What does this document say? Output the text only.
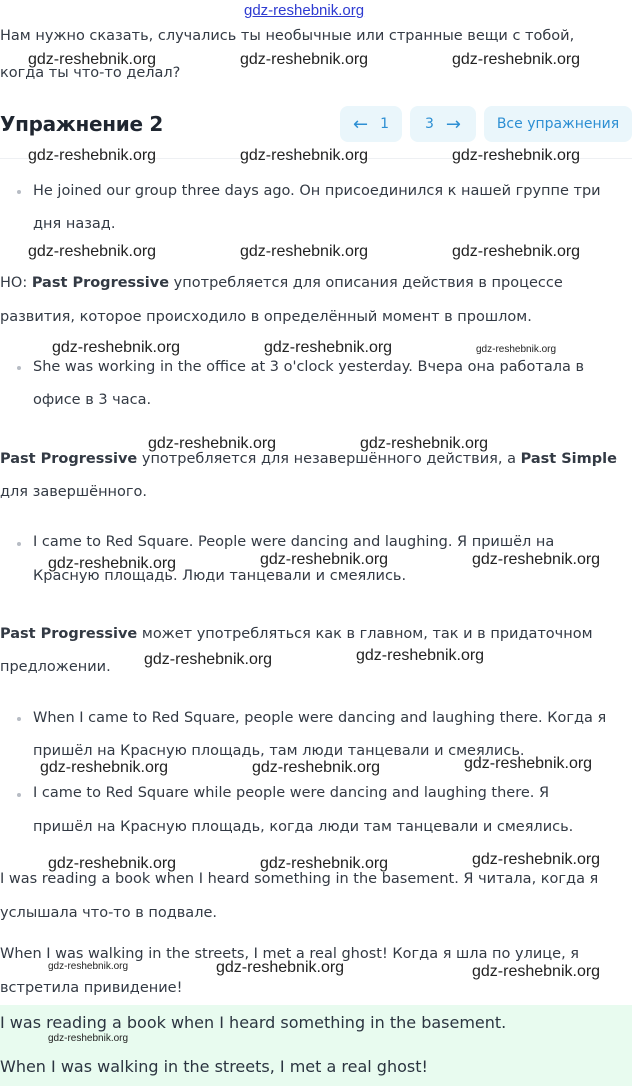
gdz-reshebnik.org
Нам нужно сказать, случались ты необычные или странные вещи с тобой,
когда ты что-то делал?
Упражнение 2	← 1	3 →	Все упражнения
He joined our group three days ago. Он присоединился к нашей группе три
дня назад.
НО: Past Progressive употребляется для описания действия в процессе
развития, которое происходило в определённый момент в прошлом.
She was working in the office at 3 o'clock yesterday. Вчера она работала в
офисе в 3 часа.
Past Progressive употребляется для незавершённого действия, а Past Simple
для завершённого.
I came to Red Square. People were dancing and laughing. Я пришёл на
Красную площадь. Люди танцевали и смеялись.
Past Progressive может употребляться как в главном, так и в придаточном
предложении.
When I came to Red Square, people were dancing and laughing there. Когда я
пришёл на Красную площадь, там люди танцевали и смеялись.
I came to Red Square while people were dancing and laughing there. Я
пришёл на Красную площадь, когда люди там танцевали и смеялись.
I was reading a book when I heard something in the basement. Я читала, когда я
услышала что-то в подвале.
When I was walking in the streets, I met a real ghost! Когда я шла по улице, я
встретила привидение!
I was reading a book when I heard something in the basement.
When I was walking in the streets, I met a real ghost!
gdz-reshebnik.org	gdz-reshebnik.org	gdz-reshebnik.org
gdz-reshebnik.org	gdz-reshebnik.org	gdz-reshebnik.org
gdz-reshebnik.org	gdz-reshebnik.org	gdz-reshebnik.org
gdz-reshebnik.org	gdz-reshebnik.org	gdz-reshebnik.org
gdz-reshebnik.org	gdz-reshebnik.org
gdz-reshebnik.org	gdz-reshebnik.org	gdz-reshebnik.org
gdz-reshebnik.org	gdz-reshebnik.org
gdz-reshebnik.org	gdz-reshebnik.org	gdz-reshebnik.org
gdz-reshebnik.org	gdz-reshebnik.org	gdz-reshebnik.org
gdz-reshebnik.org	gdz-reshebnik.org	gdz-reshebnik.org
gdz-reshebnik.org
